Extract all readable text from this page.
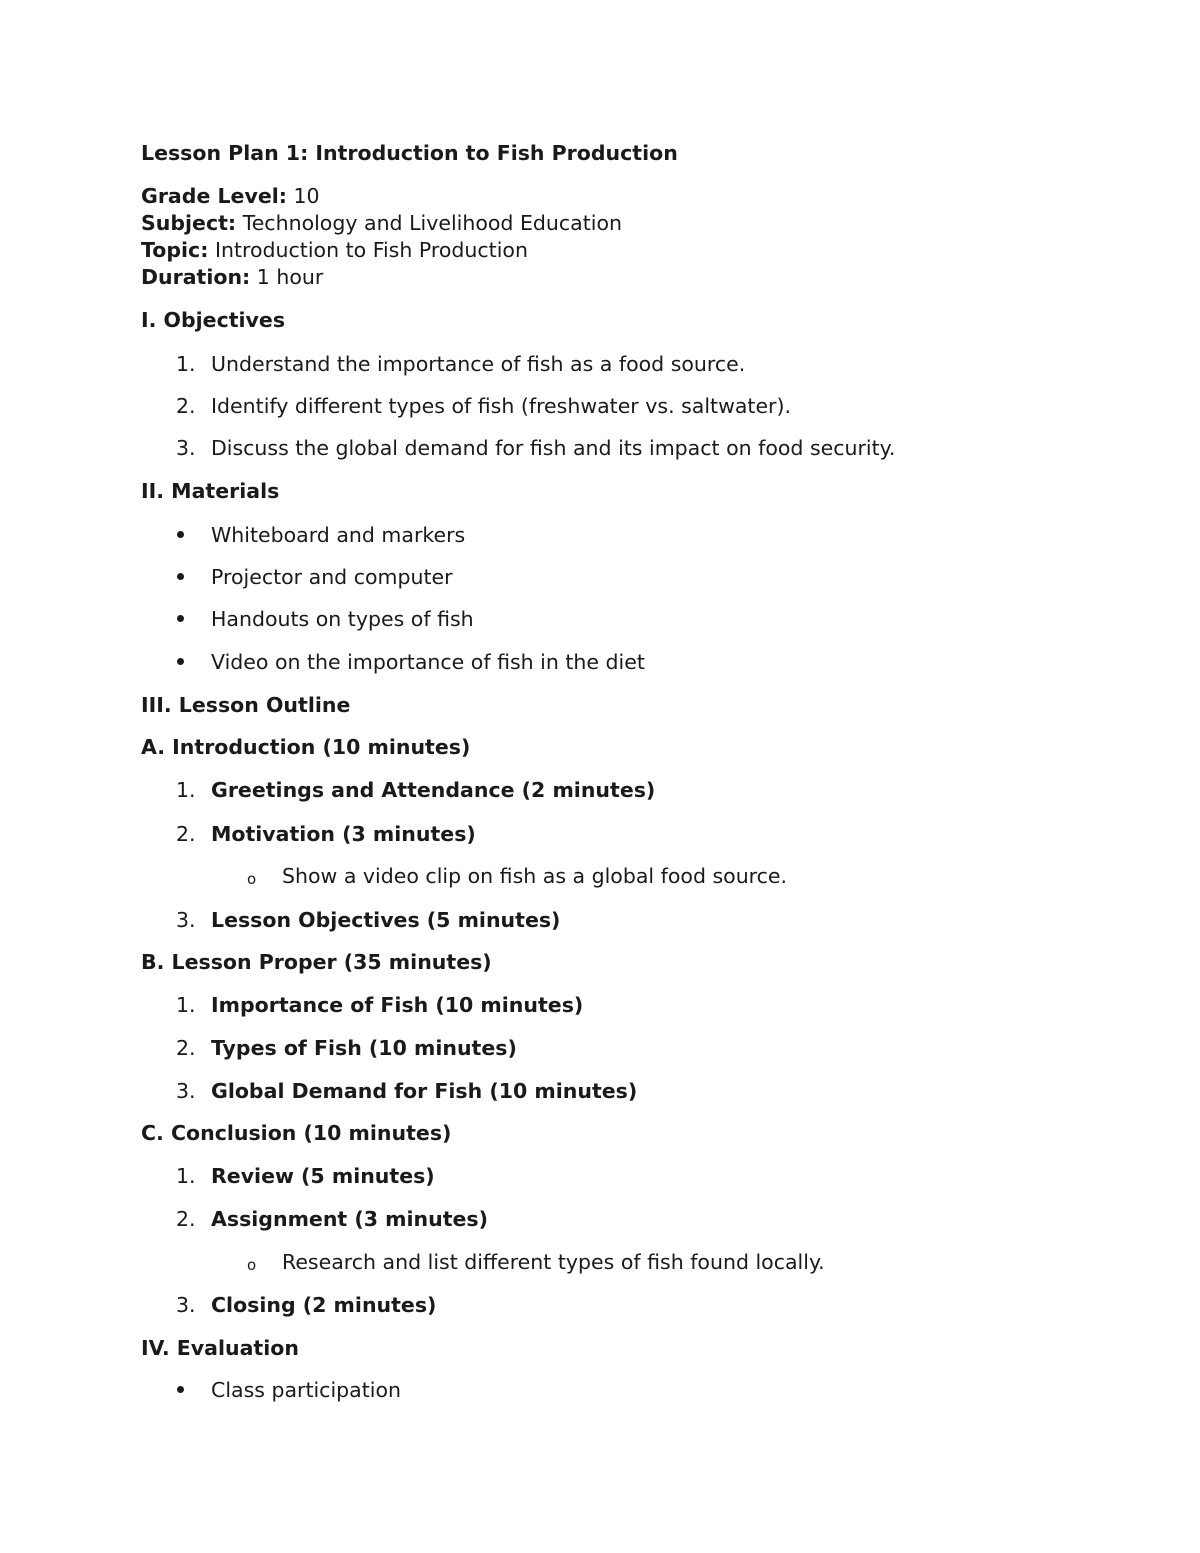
Lesson Plan 1: Introduction to Fish Production
Grade Level: 10
Subject: Technology and Livelihood Education
Topic: Introduction to Fish Production
Duration: 1 hour
I. Objectives
1. Understand the importance of fish as a food source.
2. Identify different types of fish (freshwater vs. saltwater).
3. Discuss the global demand for fish and its impact on food security.
II. Materials
Whiteboard and markers
Projector and computer
Handouts on types of fish
Video on the importance of fish in the diet
III. Lesson Outline
A. Introduction (10 minutes)
1. Greetings and Attendance (2 minutes)
2. Motivation (3 minutes)
o Show a video clip on fish as a global food source.
3. Lesson Objectives (5 minutes)
B. Lesson Proper (35 minutes)
1. Importance of Fish (10 minutes)
2. Types of Fish (10 minutes)
3. Global Demand for Fish (10 minutes)
C. Conclusion (10 minutes)
1. Review (5 minutes)
2. Assignment (3 minutes)
o Research and list different types of fish found locally.
3. Closing (2 minutes)
IV. Evaluation
Class participation
